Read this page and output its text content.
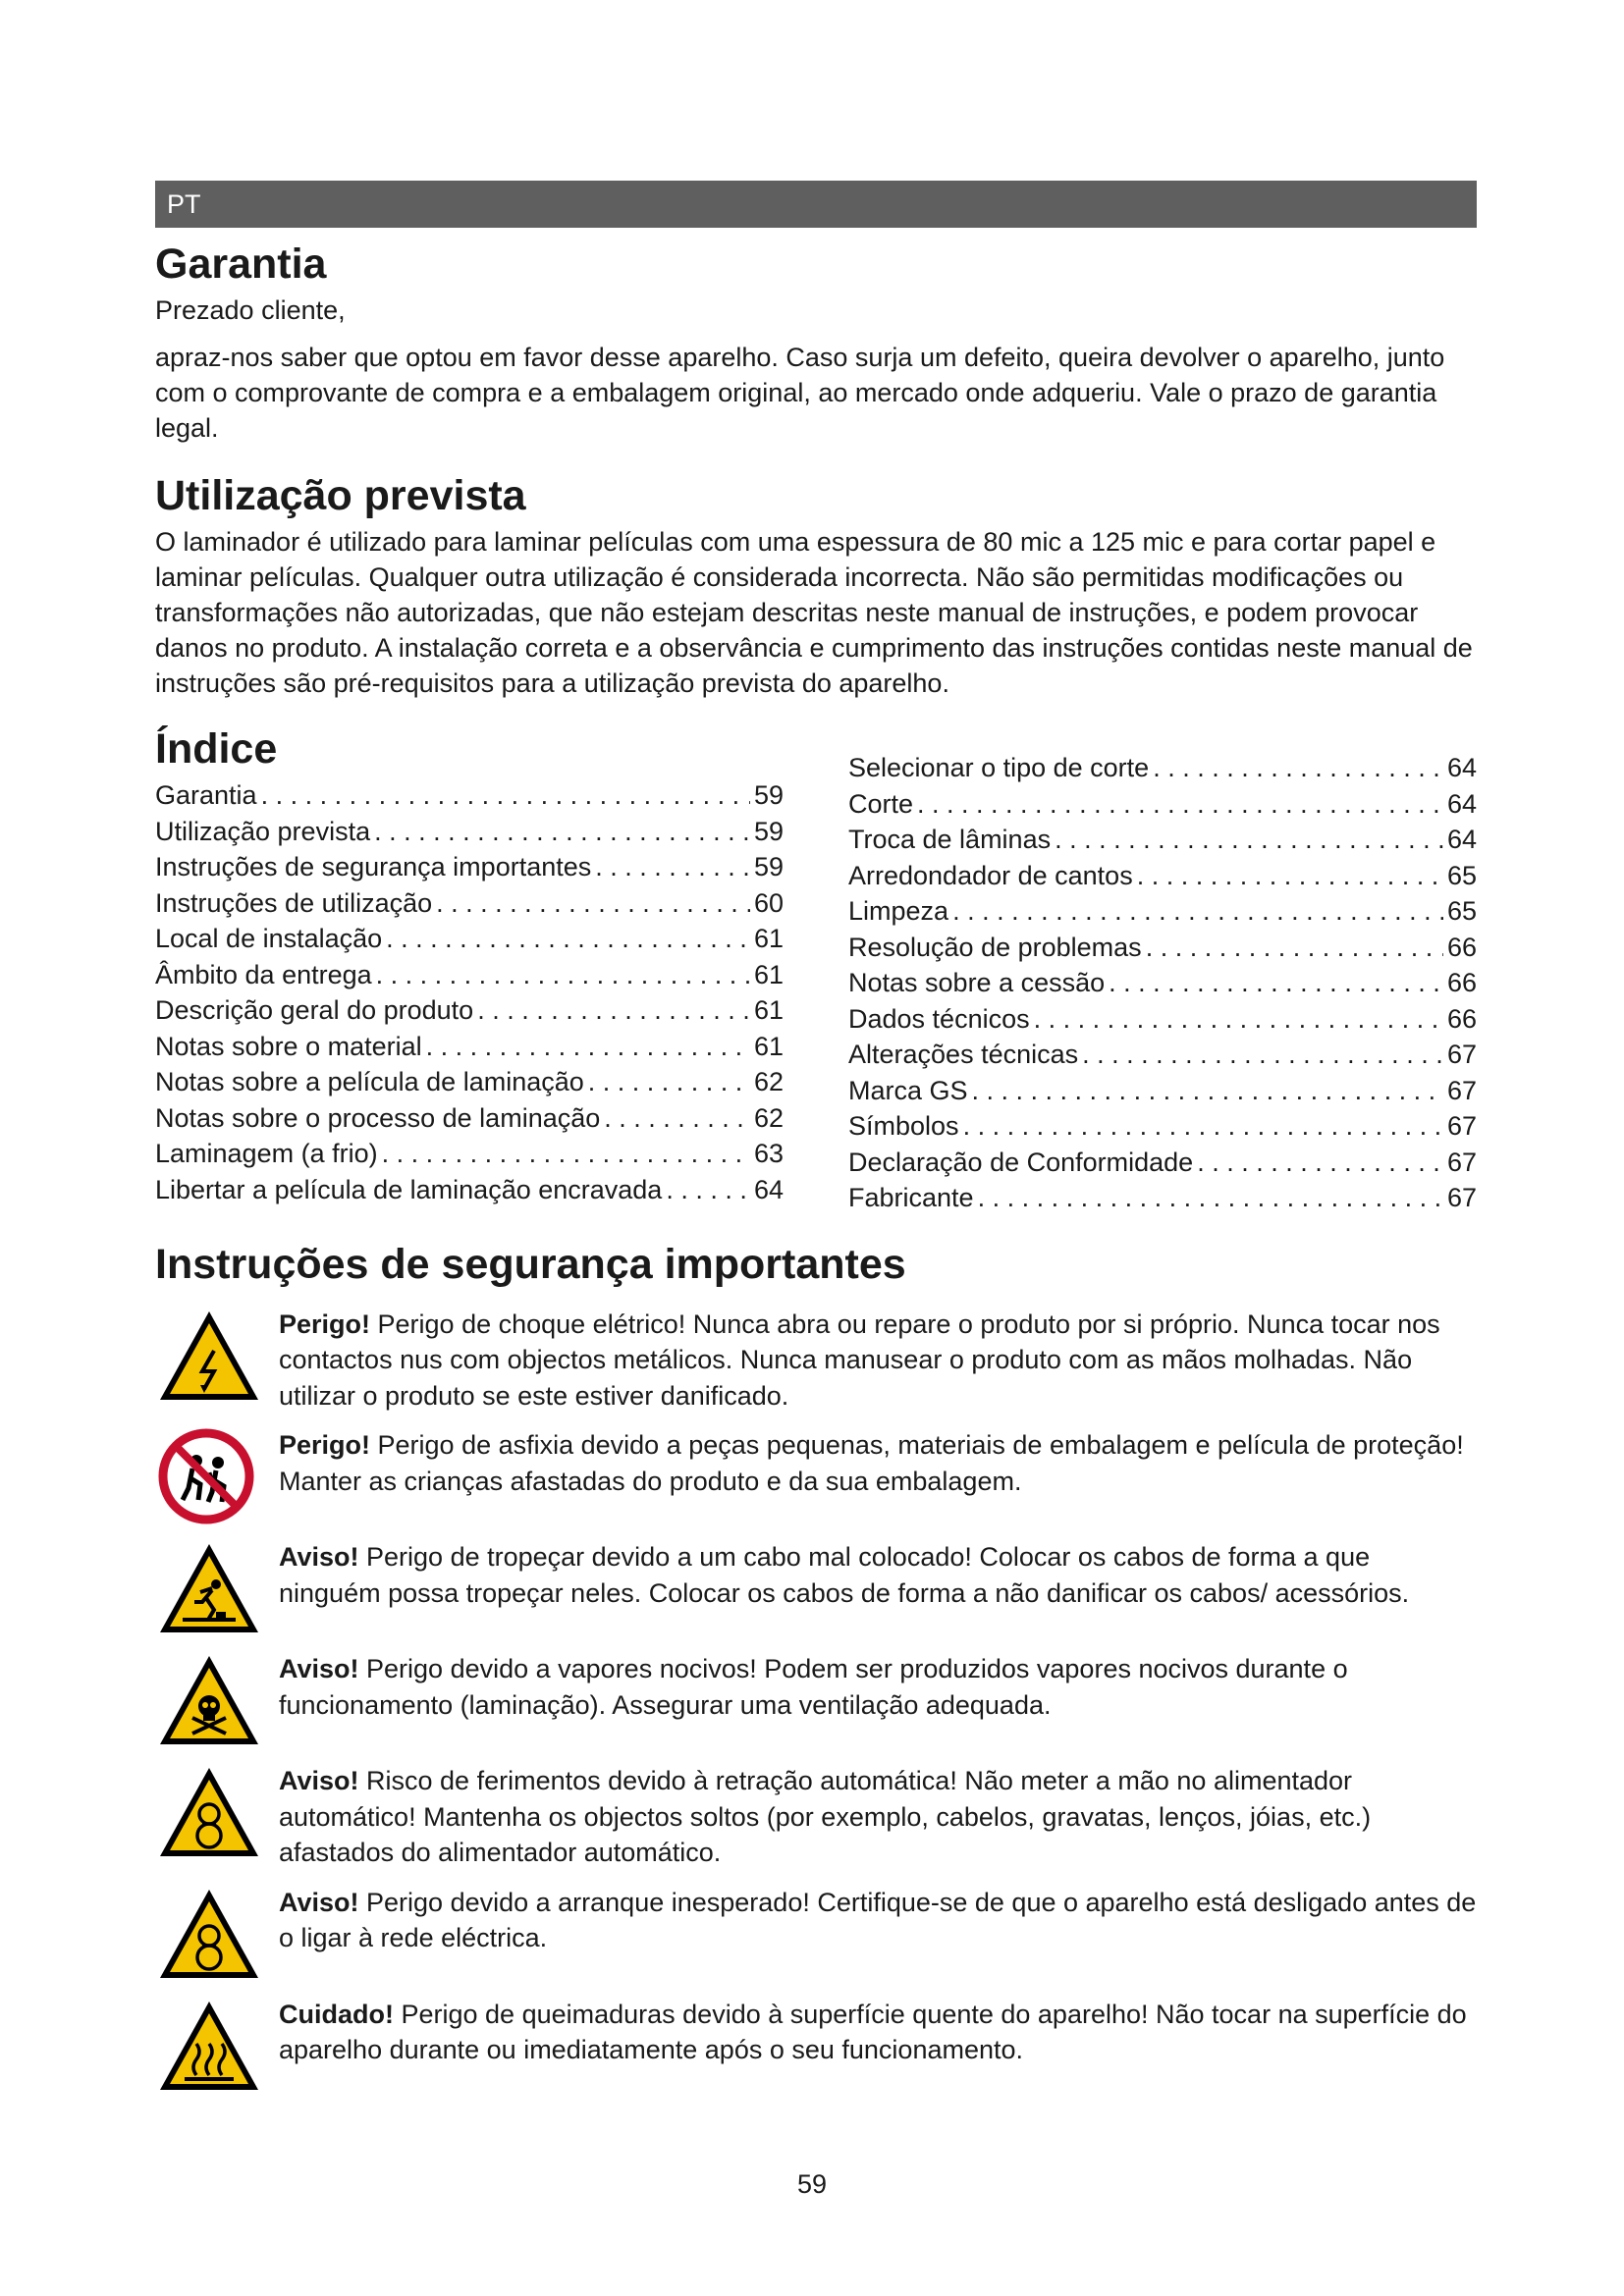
PT
Garantia

Prezado cliente,

apraz-nos saber que optou em favor desse aparelho. Caso surja um defeito, queira devolver o aparelho, junto com o comprovante de compra e a embalagem original, ao mercado onde adqueriu. Vale o prazo de garantia legal.

Utilização prevista

O laminador é utilizado para laminar películas com uma espessura de 80 mic a 125 mic e para cortar papel e laminar películas. Qualquer outra utilização é considerada incorrecta. Não são permitidas modificações ou transformações não autorizadas, que não estejam descritas neste manual de instruções, e podem provocar danos no produto. A instalação correta e a observância e cumprimento das instruções contidas neste manual de instruções são pré-requisitos para a utilização prevista do aparelho.

Índice
Garantia . . .	59
Utilização prevista . . .	59
Instruções de segurança importantes . . .	59
Instruções de utilização . . .	60
Local de instalação . . .	61
Âmbito da entrega . . .	61
Descrição geral do produto . . .	61
Notas sobre o material . . .	61
Notas sobre a película de laminação . . .	62
Notas sobre o processo de laminação . . .	62
Laminagem (a frio) . . .	63
Libertar a película de laminação encravada . . .	64
Selecionar o tipo de corte . . .	64
Corte . . .	64
Troca de lâminas . . .	64
Arredondador de cantos . . .	65
Limpeza . . .	65
Resolução de problemas . . .	66
Notas sobre a cessão . . .	66
Dados técnicos . . .	66
Alterações técnicas . . .	67
Marca GS . . .	67
Símbolos . . .	67
Declaração de Conformidade . . .	67
Fabricante . . .	67
Instruções de segurança importantes
Perigo! Perigo de choque elétrico! Nunca abra ou repare o produto por si próprio. Nunca tocar nos contactos nus com objectos metálicos. Nunca manusear o produto com as mãos molhadas. Não utilizar o produto se este estiver danificado.
Perigo! Perigo de asfixia devido a peças pequenas, materiais de embalagem e película de proteção! Manter as crianças afastadas do produto e da sua embalagem.
Aviso! Perigo de tropeçar devido a um cabo mal colocado! Colocar os cabos de forma a que ninguém possa tropeçar neles. Colocar os cabos de forma a não danificar os cabos/ acessórios.
Aviso! Perigo devido a vapores nocivos! Podem ser produzidos vapores nocivos durante o funcionamento (laminação). Assegurar uma ventilação adequada.
Aviso! Risco de ferimentos devido à retração automática! Não meter a mão no alimentador automático! Mantenha os objectos soltos (por exemplo, cabelos, gravatas, lenços, jóias, etc.) afastados do alimentador automático.
Aviso! Perigo devido a arranque inesperado! Certifique-se de que o aparelho está desligado antes de o ligar à rede eléctrica.
Cuidado! Perigo de queimaduras devido à superfície quente do aparelho! Não tocar na superfície do aparelho durante ou imediatamente após o seu funcionamento.
59
